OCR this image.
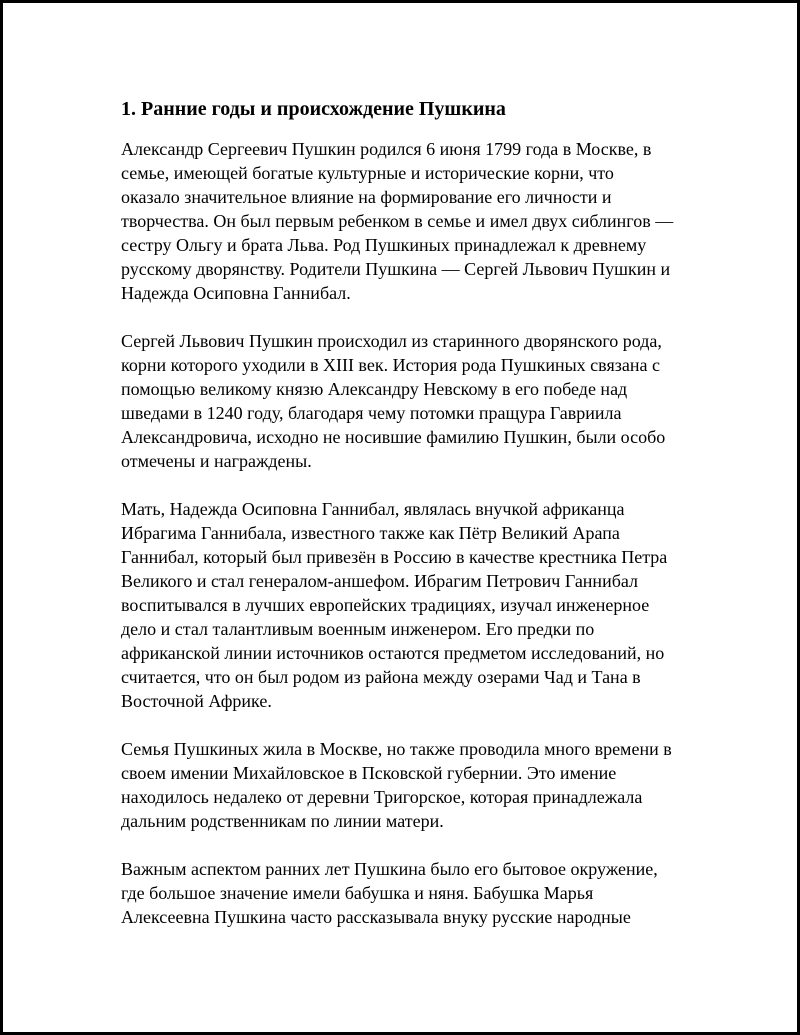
1. Ранние годы и происхождение Пушкина

Александр Сергеевич Пушкин родился 6 июня 1799 года в Москве, в
семье, имеющей богатые культурные и исторические корни, что
оказало значительное влияние на формирование его личности и
творчества. Он был первым ребенком в семье и имел двух сиблингов —
сестру Ольгу и брата Льва. Род Пушкиных принадлежал к древнему
русскому дворянству. Родители Пушкина — Сергей Львович Пушкин и
Надежда Осиповна Ганнибал.

Сергей Львович Пушкин происходил из старинного дворянского рода,
корни которого уходили в XIII век. История рода Пушкиных связана с
помощью великому князю Александру Невскому в его победе над
шведами в 1240 году, благодаря чему потомки пращура Гавриила
Александровича, исходно не носившие фамилию Пушкин, были особо
отмечены и награждены.

Мать, Надежда Осиповна Ганнибал, являлась внучкой африканца
Ибрагима Ганнибала, известного также как Пётр Великий Арапа
Ганнибал, который был привезён в Россию в качестве крестника Петра
Великого и стал генералом-аншефом. Ибрагим Петрович Ганнибал
воспитывался в лучших европейских традициях, изучал инженерное
дело и стал талантливым военным инженером. Его предки по
африканской линии источников остаются предметом исследований, но
считается, что он был родом из района между озерами Чад и Тана в
Восточной Африке.

Семья Пушкиных жила в Москве, но также проводила много времени в
своем имении Михайловское в Псковской губернии. Это имение
находилось недалеко от деревни Тригорское, которая принадлежала
дальним родственникам по линии матери.

Важным аспектом ранних лет Пушкина было его бытовое окружение,
где большое значение имели бабушка и няня. Бабушка Марья
Алексеевна Пушкина часто рассказывала внуку русские народные
